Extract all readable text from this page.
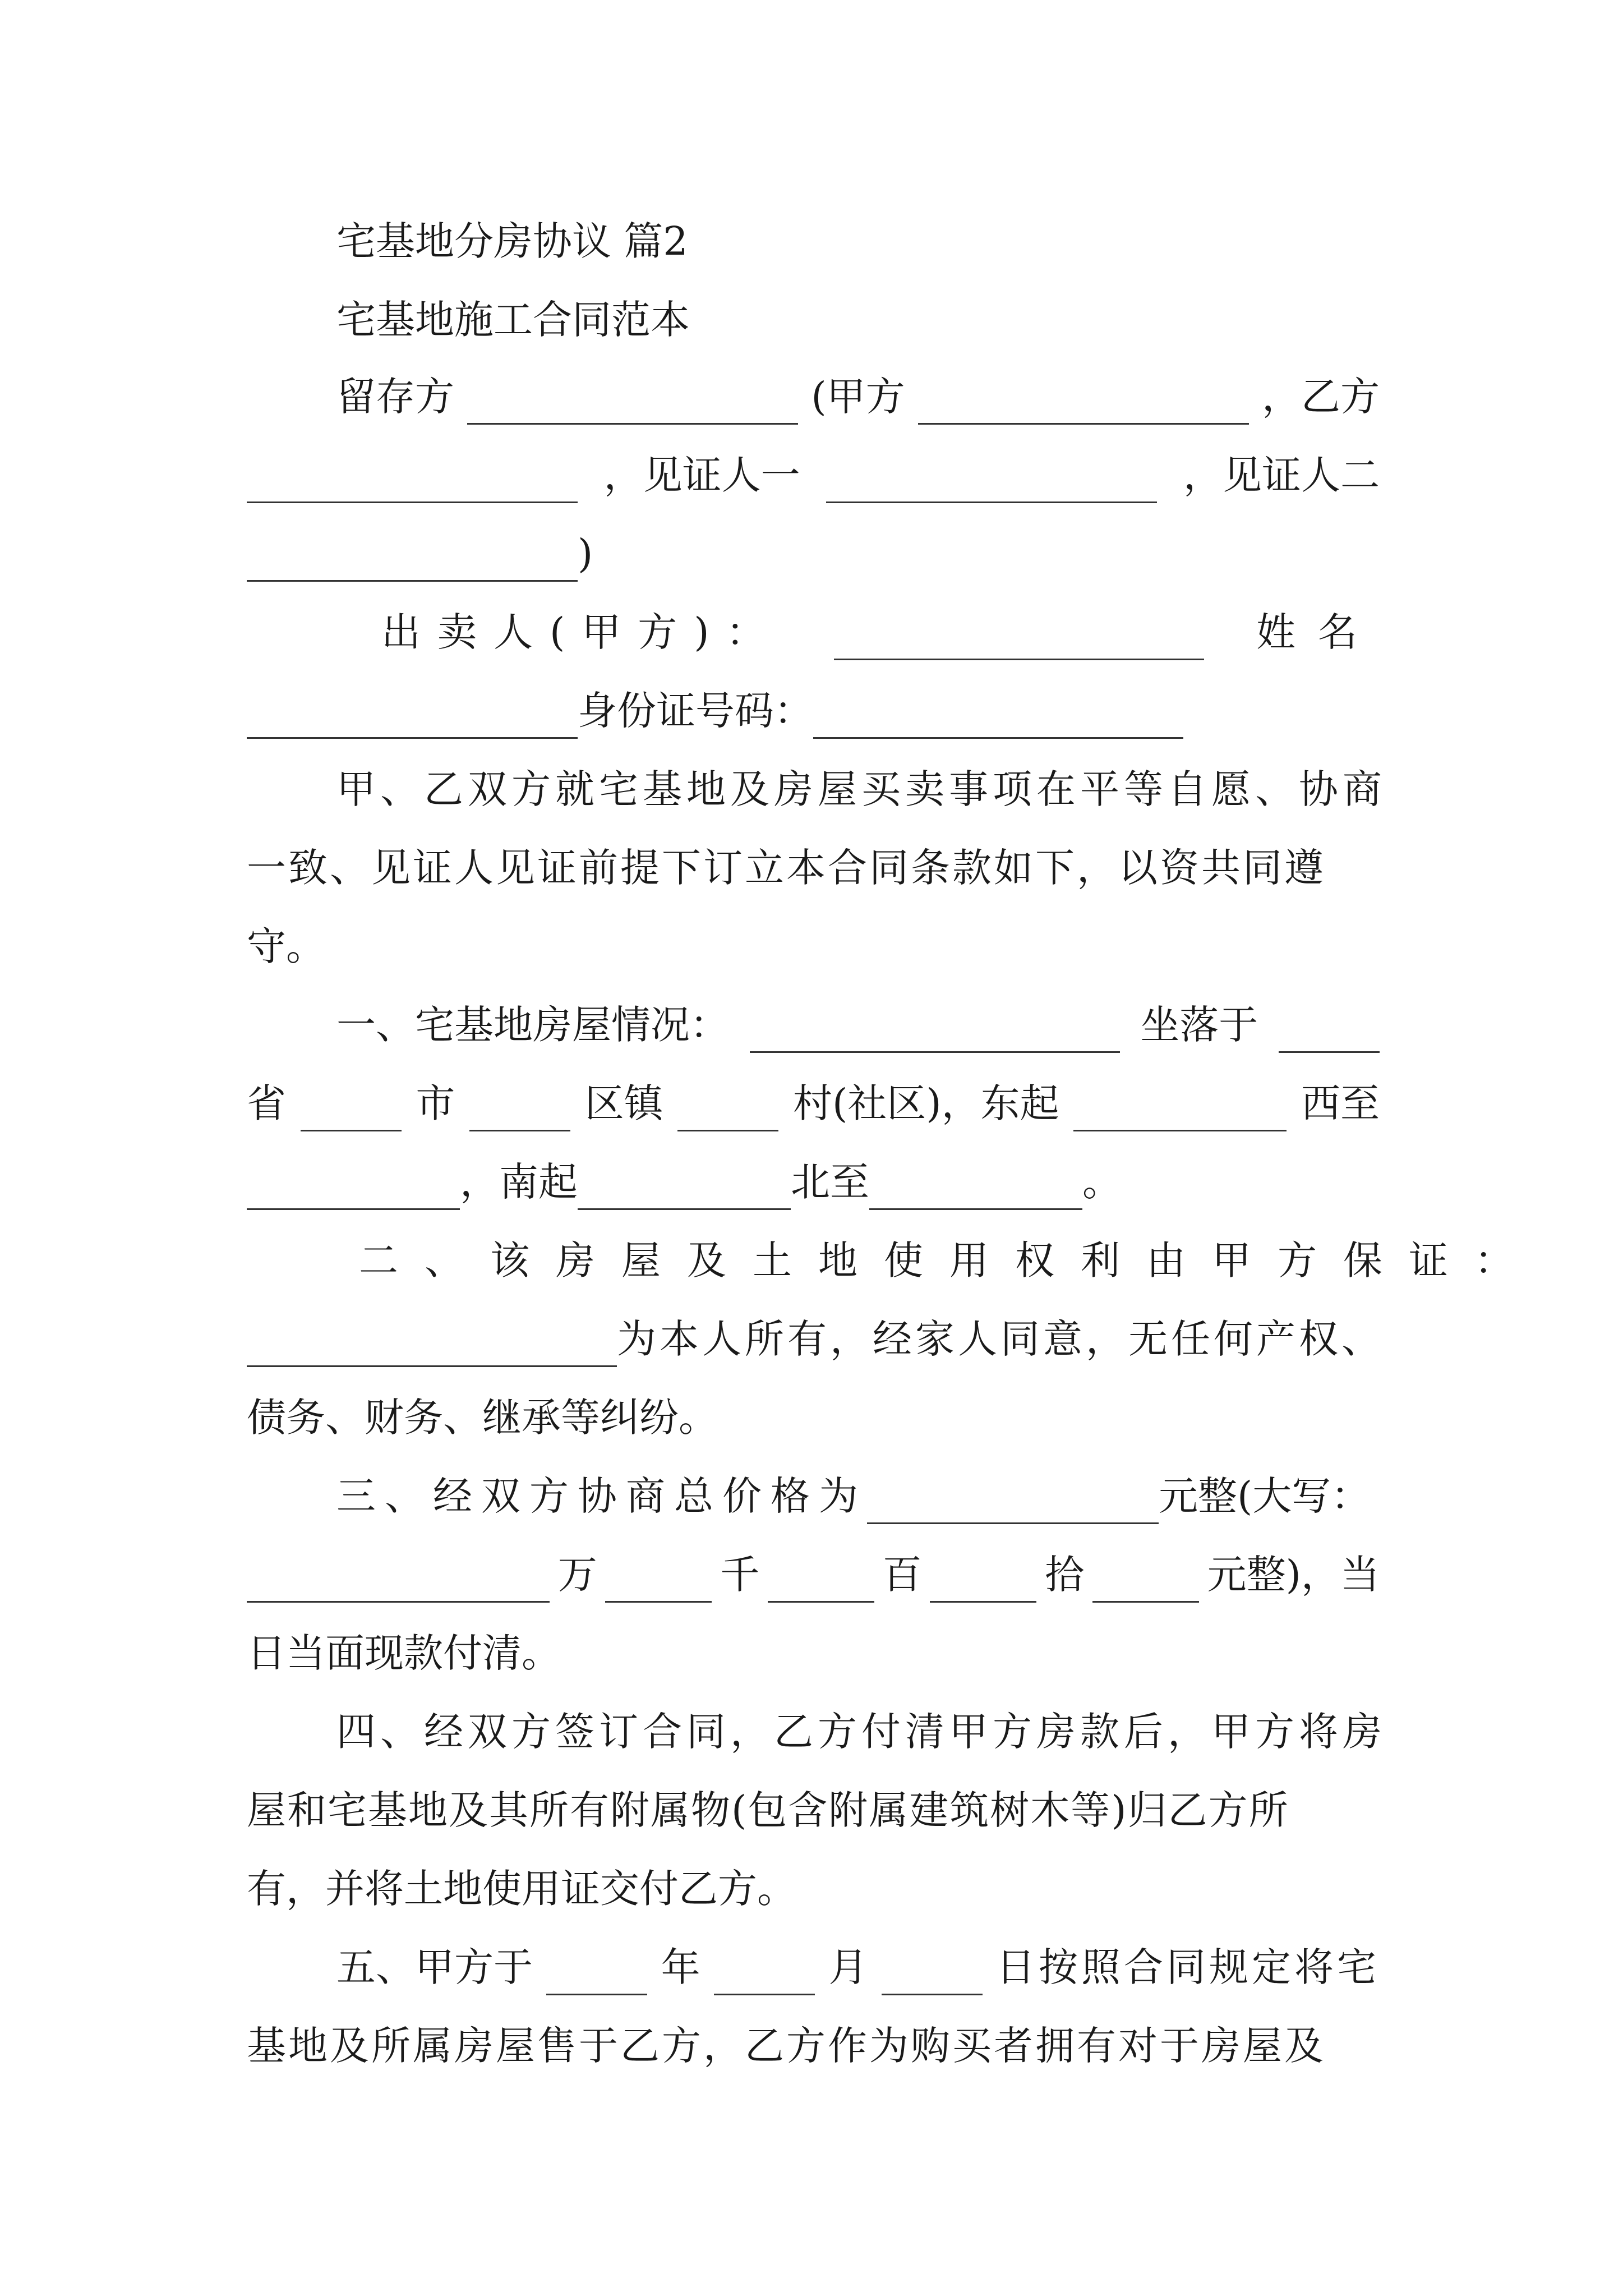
宅基地分房协议 篇2
宅基地施工合同范本
留存方	(甲方	，乙方
，见证人一	，见证人二
)
出卖人(甲方)：	姓名
身份证号码：
甲、乙双方就宅基地及房屋买卖事项在平等自愿、协商
一致、见证人见证前提下订立本合同条款如下，以资共同遵
守。
一、宅基地房屋情况：	坐落于
省	市	区镇	村(社区)，东起	西至
，南起	北至	。
二、该房屋及土地使用权利由甲方保证：
为本人所有，经家人同意，无任何产权、
债务、财务、继承等纠纷。
三、经双方协商总价格为	元整(大写：
万	千	百	拾	元整)，当
日当面现款付清。
四、经双方签订合同，乙方付清甲方房款后，甲方将房
屋和宅基地及其所有附属物(包含附属建筑树木等)归乙方所
有，并将土地使用证交付乙方。
五、甲方于	年	月	日按照合同规定将宅
基地及所属房屋售于乙方，乙方作为购买者拥有对于房屋及
